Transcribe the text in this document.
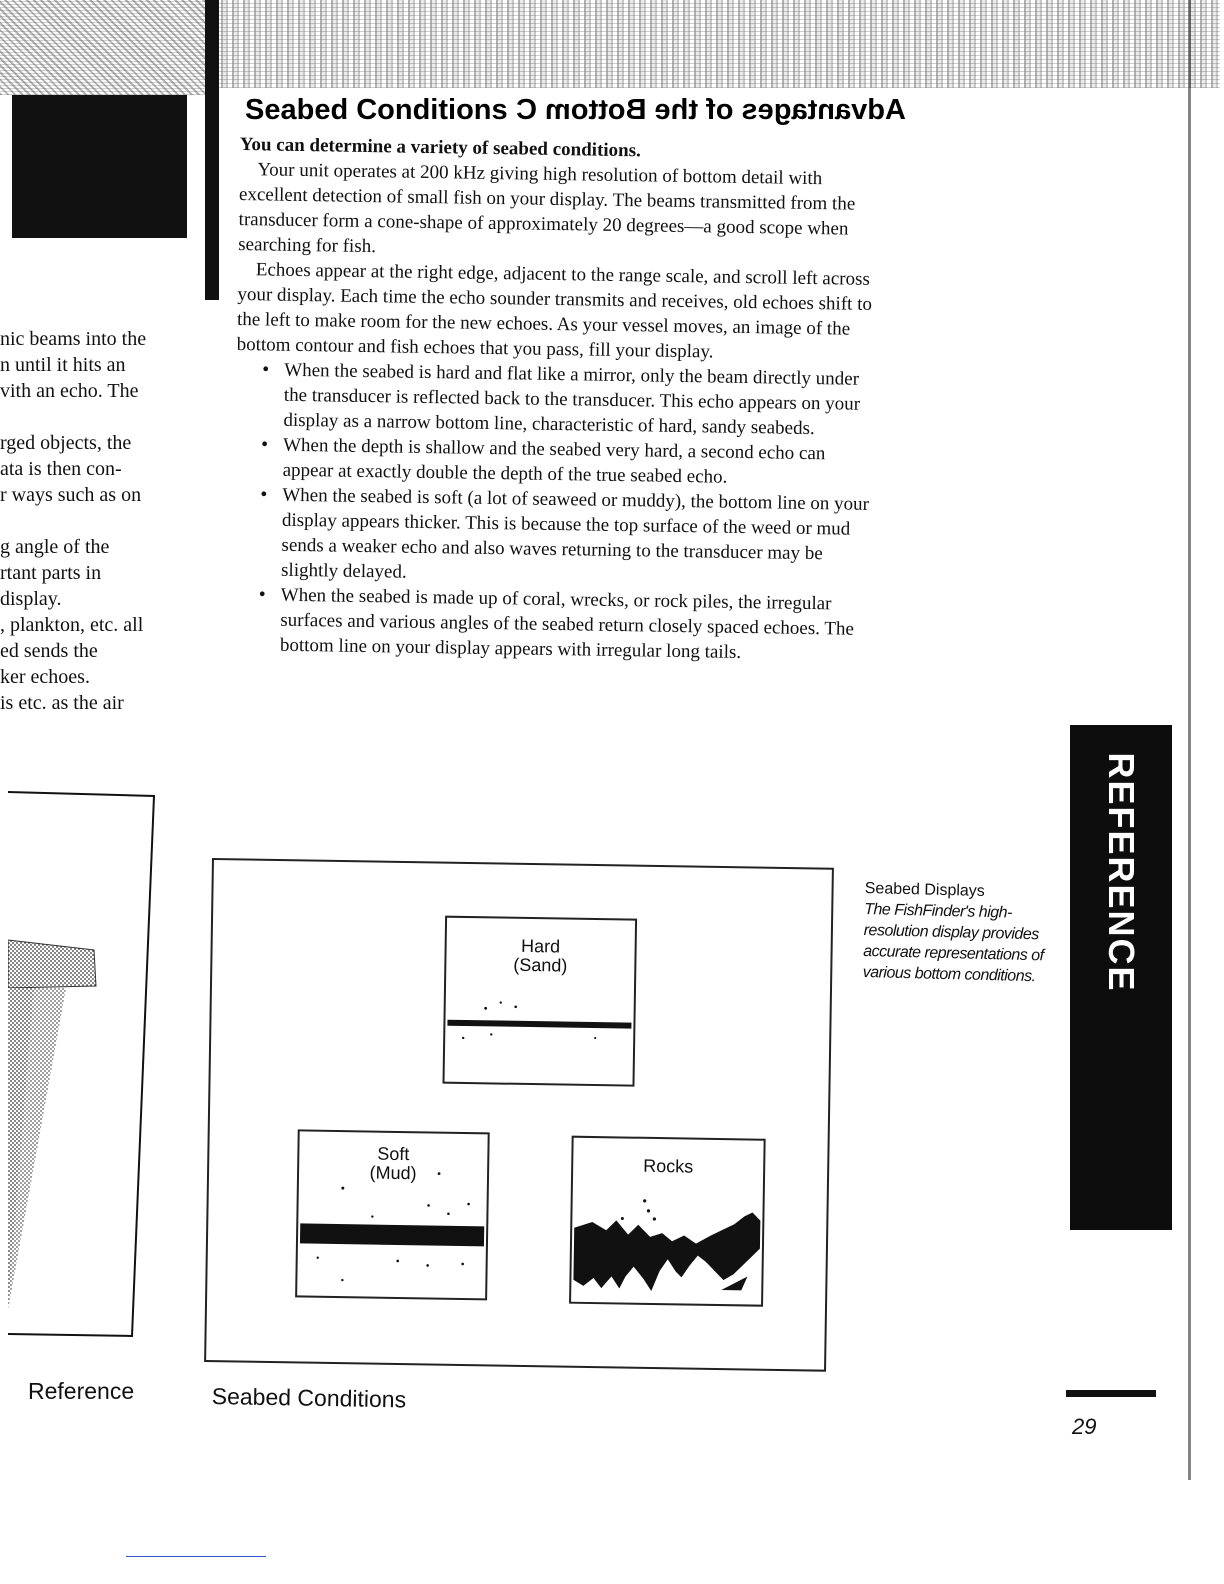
nic beams into the
n until it hits an
vith an echo. The
rged objects, the
ata is then con-
r ways such as on
g angle of the
rtant parts in
display.
, plankton, etc. all
ed sends the
ker echoes.
is etc. as the air
Seabed Conditions Advantages of the Bottom C

You can determine a variety of seabed conditions.

Your unit operates at 200 kHz giving high resolution of bottom detail with excellent detection of small fish on your display. The beams transmitted from the transducer form a cone-shape of approximately 20 degrees—a good scope when searching for fish.

Echoes appear at the right edge, adjacent to the range scale, and scroll left across your display. Each time the echo sounder transmits and receives, old echoes shift to the left to make room for the new echoes. As your vessel moves, an image of the bottom contour and fish echoes that you pass, fill your display.

• When the seabed is hard and flat like a mirror, only the beam directly under the transducer is reflected back to the transducer. This echo appears on your display as a narrow bottom line, characteristic of hard, sandy seabeds.
• When the depth is shallow and the seabed very hard, a second echo can appear at exactly double the depth of the true seabed echo.
• When the seabed is soft (a lot of seaweed or muddy), the bottom line on your display appears thicker. This is because the top surface of the weed or mud sends a weaker echo and also waves returning to the transducer may be slightly delayed.
• When the seabed is made up of coral, wrecks, or rock piles, the irregular surfaces and various angles of the seabed return closely spaced echoes. The bottom line on your display appears with irregular long tails.
Hard
(Sand)
Soft
(Mud)	Rocks
Seabed Displays
The FishFinder's high-resolution display provides accurate representations of various bottom conditions.	REFERENCE
Reference	Seabed Conditions
29
